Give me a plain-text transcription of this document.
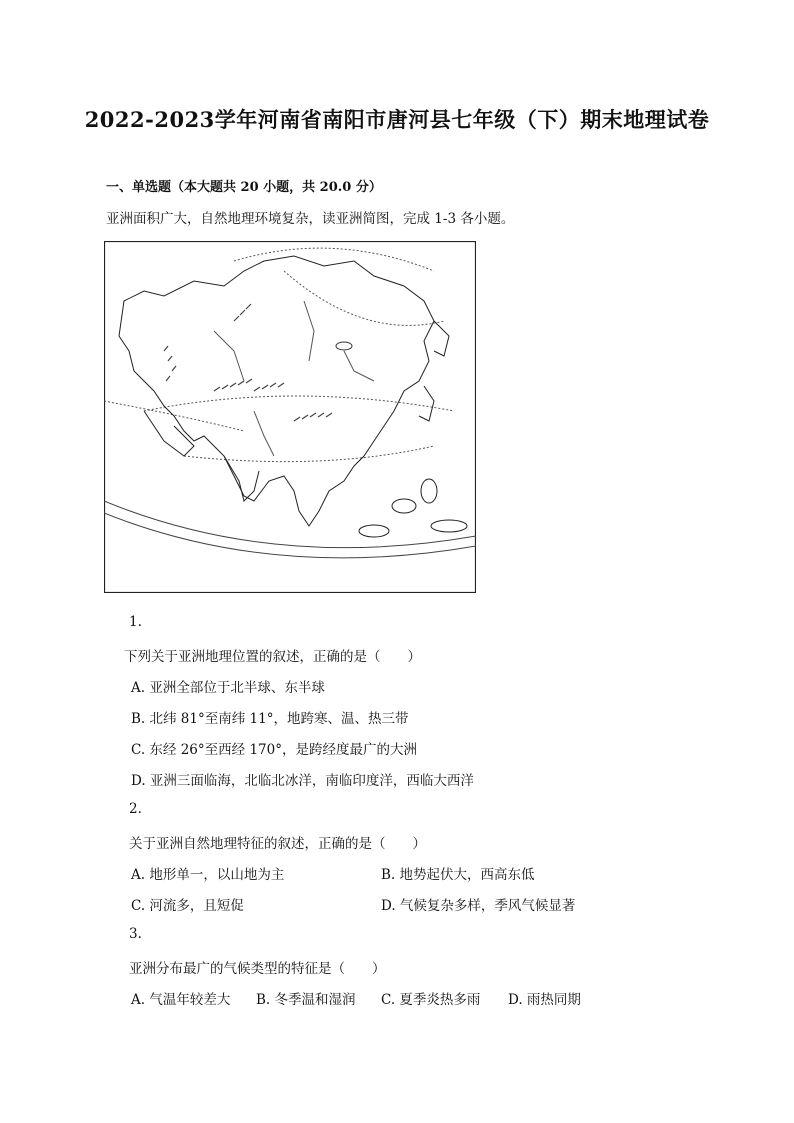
2022-2023学年河南省南阳市唐河县七年级（下）期末地理试卷
一、单选题（本大题共 20 小题，共 20.0 分）
亚洲面积广大，自然地理环境复杂，读亚洲简图，完成 1-3 各小题。
1.
下列关于亚洲地理位置的叙述，正确的是（　　）
A. 亚洲全部位于北半球、东半球
B. 北纬 81°至南纬 11°，地跨寒、温、热三带
C. 东经 26°至西经 170°，是跨经度最广的大洲
D. 亚洲三面临海，北临北冰洋，南临印度洋，西临大西洋
2.
关于亚洲自然地理特征的叙述，正确的是（　　）
A. 地形单一，以山地为主	B. 地势起伏大，西高东低
C. 河流多，且短促	D. 气候复杂多样，季风气候显著
3.
亚洲分布最广的气候类型的特征是（　　）
A. 气温年较差大 B. 冬季温和湿润 C. 夏季炎热多雨 D. 雨热同期
